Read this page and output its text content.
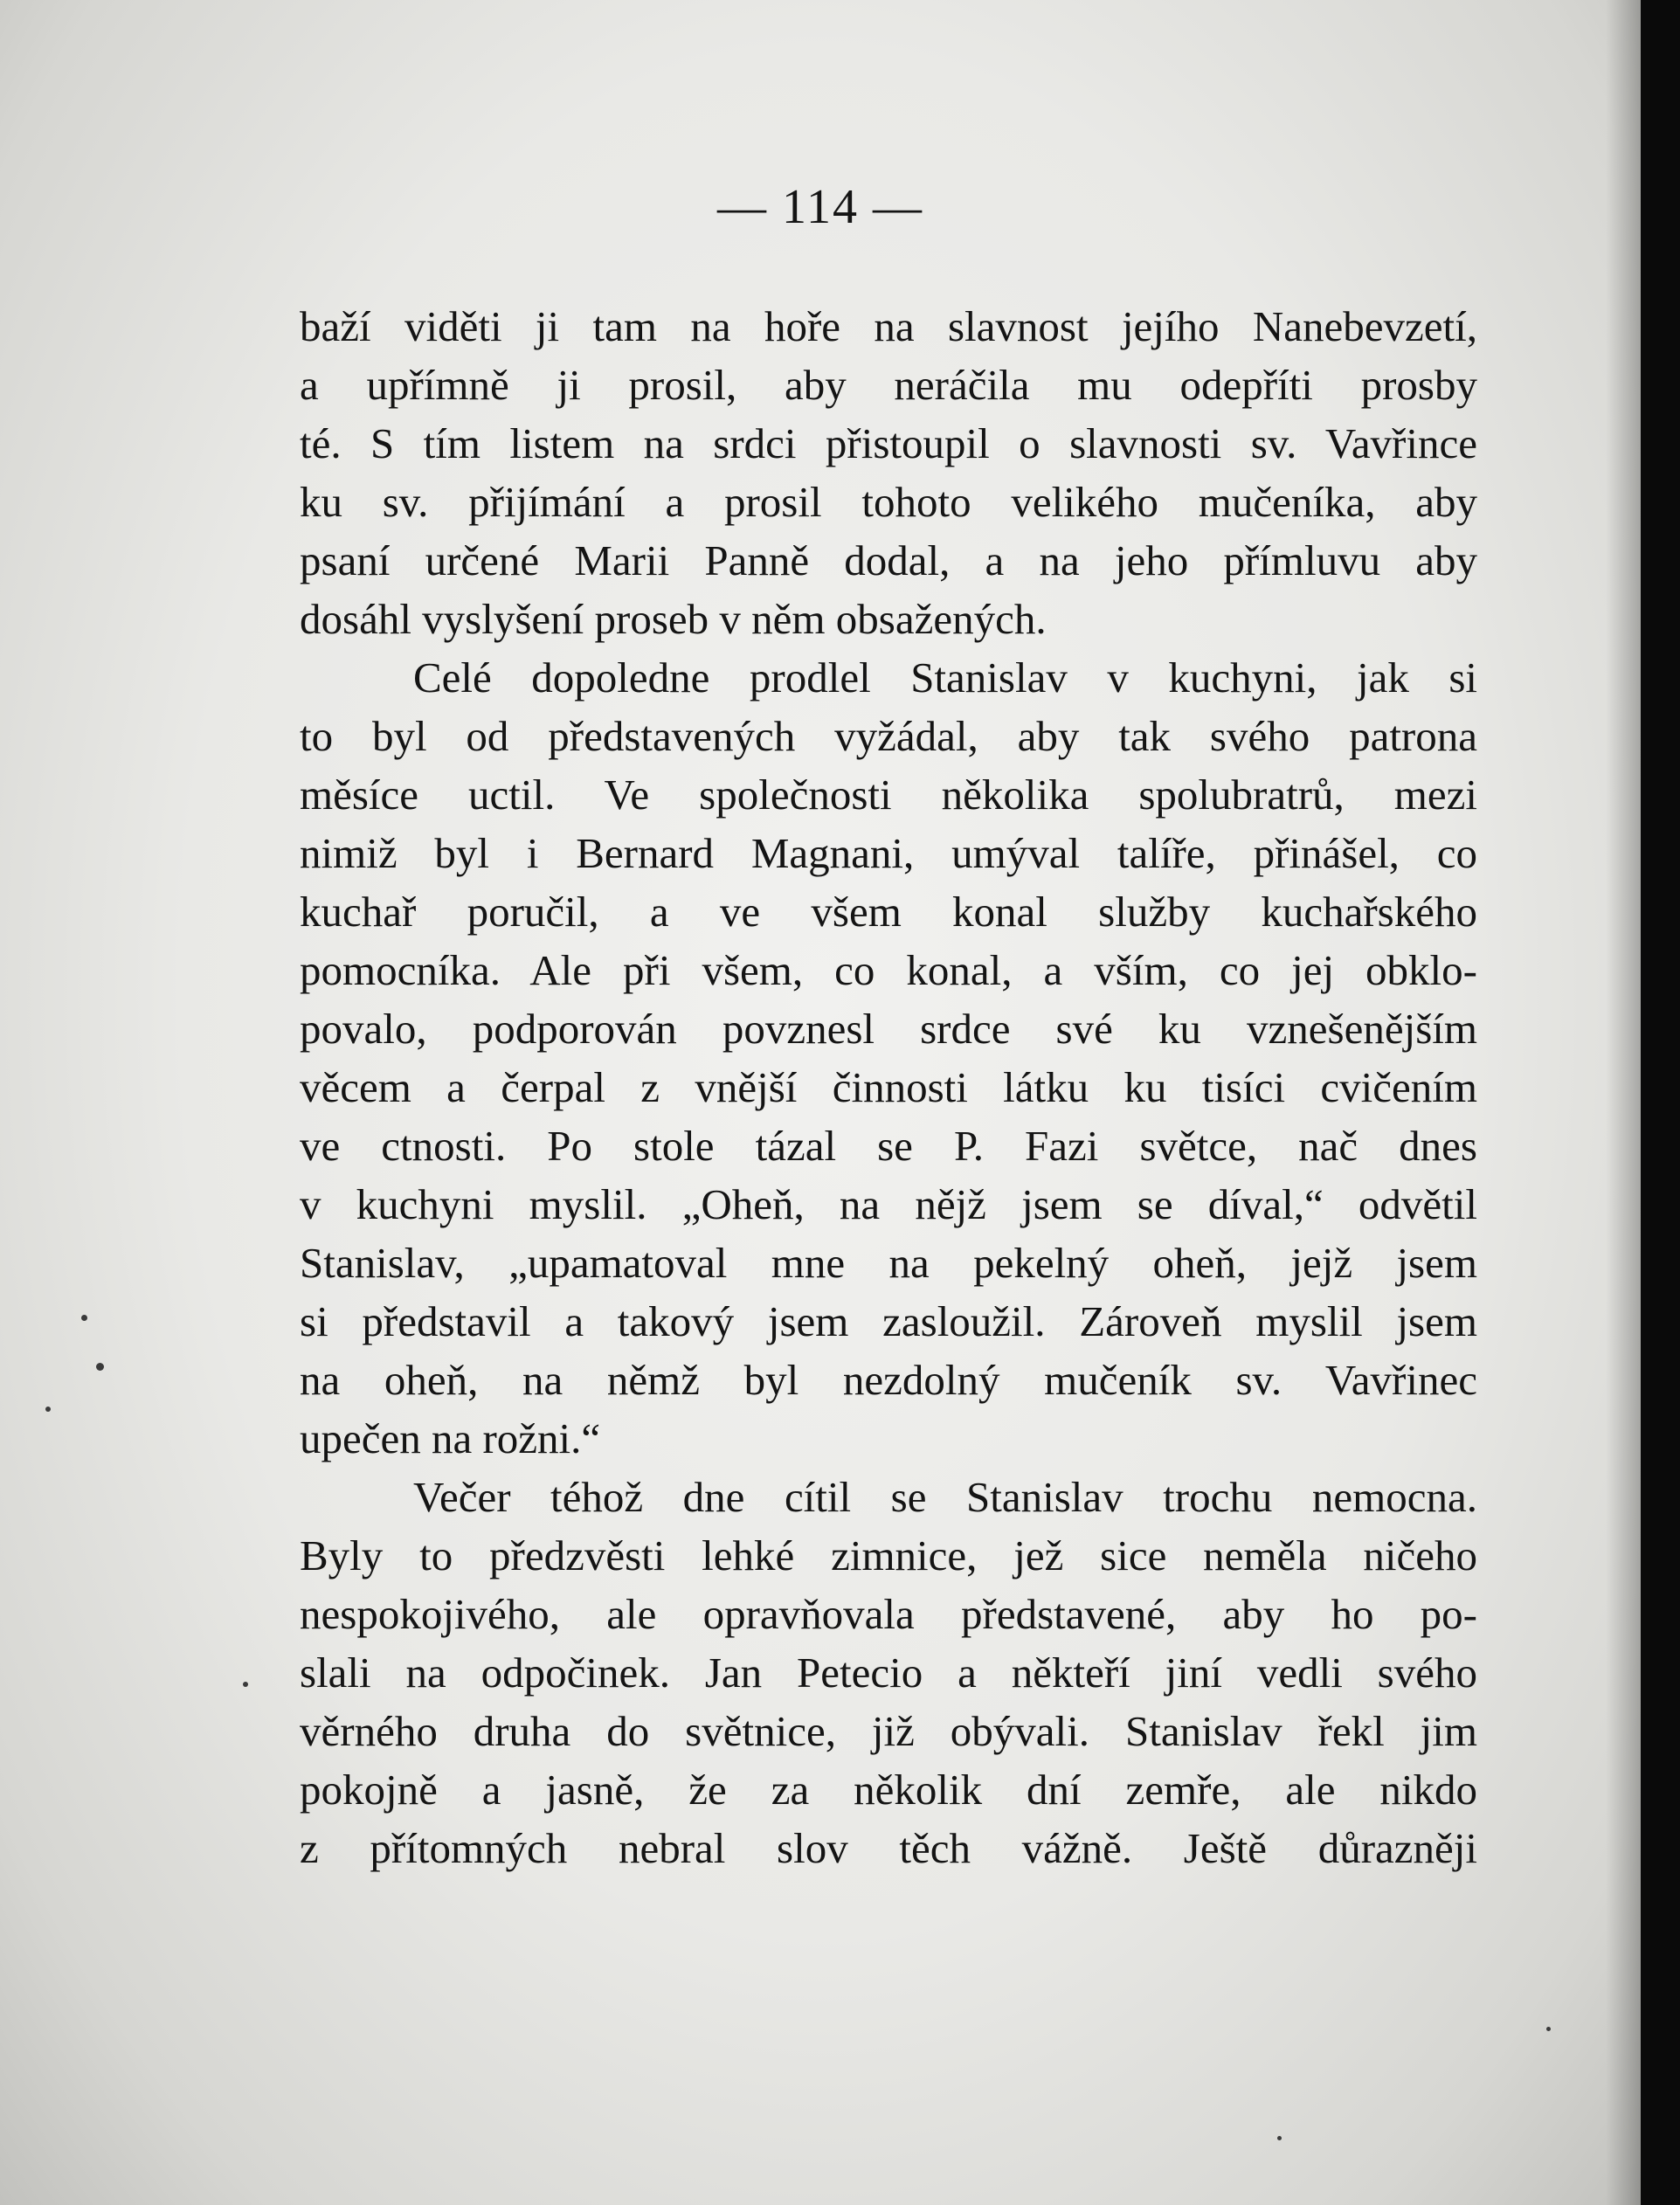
— 114 —
baží viděti ji tam na hoře na slavnost jejího Nanebevzetí,
a upřímně ji prosil, aby neráčila mu odepříti prosby
té. S tím listem na srdci přistoupil o slavnosti sv. Vavřince
ku sv. přijímání a prosil tohoto velikého mučeníka, aby
psaní určené Marii Panně dodal, a na jeho přímluvu aby
dosáhl vyslyšení proseb v něm obsažených.
Celé dopoledne prodlel Stanislav v kuchyni, jak si
to byl od představených vyžádal, aby tak svého patrona
měsíce uctil. Ve společnosti několika spolubratrů, mezi
nimiž byl i Bernard Magnani, umýval talíře, přinášel, co
kuchař poručil, a ve všem konal služby kuchařského
pomocníka. Ale při všem, co konal, a vším, co jej obklo-
povalo, podporován povznesl srdce své ku vznešenějším
věcem a čerpal z vnější činnosti látku ku tisíci cvičením
ve ctnosti. Po stole tázal se P. Fazi světce, nač dnes
v kuchyni myslil. „Oheň, na nějž jsem se díval,“ odvětil
Stanislav, „upamatoval mne na pekelný oheň, jejž jsem
si představil a takový jsem zasloužil. Zároveň myslil jsem
na oheň, na němž byl nezdolný mučeník sv. Vavřinec
upečen na rožni.“
Večer téhož dne cítil se Stanislav trochu nemocna.
Byly to předzvěsti lehké zimnice, jež sice neměla ničeho
nespokojivého, ale opravňovala představené, aby ho po-
slali na odpočinek. Jan Petecio a někteří jiní vedli svého
věrného druha do světnice, již obývali. Stanislav řekl jim
pokojně a jasně, že za několik dní zemře, ale nikdo
z přítomných nebral slov těch vážně. Ještě důrazněji
